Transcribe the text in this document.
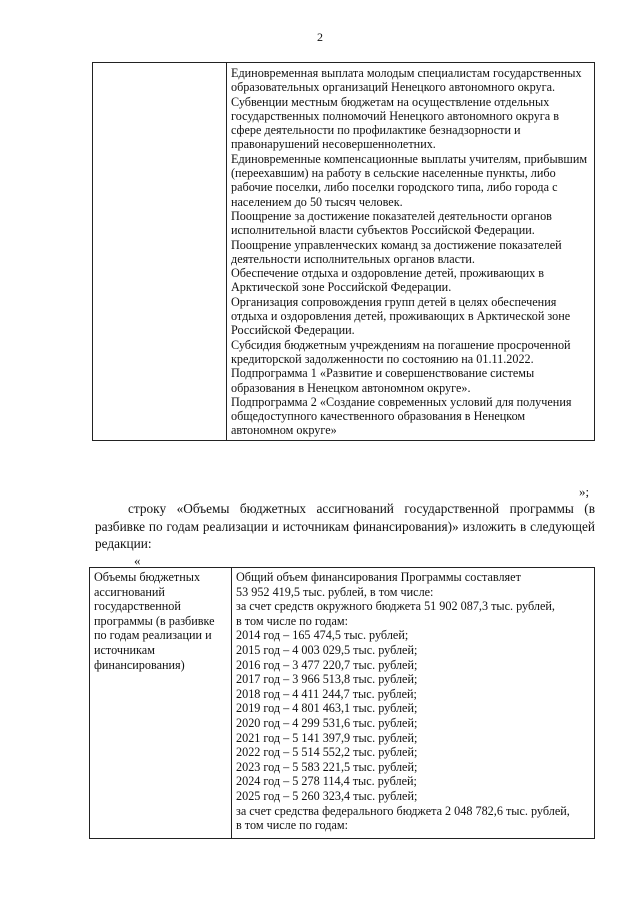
2

Единовременная выплата молодым специалистам государственных образовательных организаций Ненецкого автономного округа.

Субвенции местным бюджетам на осуществление отдельных государственных полномочий Ненецкого автономного округа в сфере деятельности по профилактике безнадзорности и правонарушений несовершеннолетних.

Единовременные компенсационные выплаты учителям, прибывшим (переехавшим) на работу в сельские населенные пункты, либо рабочие поселки, либо поселки городского типа, либо города с населением до 50 тысяч человек.

Поощрение за достижение показателей деятельности органов исполнительной власти субъектов Российской Федерации.

Поощрение управленческих команд за достижение показателей деятельности исполнительных органов власти.

Обеспечение отдыха и оздоровление детей, проживающих в Арктической зоне Российской Федерации.

Организация сопровождения групп детей в целях обеспечения отдыха и оздоровления детей, проживающих в Арктической зоне Российской Федерации.

Субсидия бюджетным учреждениям на погашение просроченной кредиторской задолженности по состоянию на 01.11.2022.

Подпрограмма 1 «Развитие и совершенствование системы образования в Ненецком автономном округе».

Подпрограмма 2 «Создание современных условий для получения общедоступного качественного образования в Ненецком автономном округе»

»;

строку «Объемы бюджетных ассигнований государственной программы (в разбивке по годам реализации и источникам финансирования)» изложить в следующей редакции:

«

Объемы бюджетных ассигнований государственной программы (в разбивке по годам реализации и источникам финансирования)

Общий объем финансирования Программы составляет

53 952 419,5 тыс. рублей, в том числе:

за счет средств окружного бюджета 51 902 087,3 тыс. рублей,

в том числе по годам:

2014 год – 165 474,5 тыс. рублей;

2015 год – 4 003 029,5 тыс. рублей;

2016 год – 3 477 220,7 тыс. рублей;

2017 год – 3 966 513,8 тыс. рублей;

2018 год – 4 411 244,7 тыс. рублей;

2019 год – 4 801 463,1 тыс. рублей;

2020 год – 4 299 531,6 тыс. рублей;

2021 год – 5 141 397,9 тыс. рублей;

2022 год – 5 514 552,2 тыс. рублей;

2023 год – 5 583 221,5 тыс. рублей;

2024 год – 5 278 114,4 тыс. рублей;

2025 год – 5 260 323,4 тыс. рублей;

за счет средства федерального бюджета 2 048 782,6 тыс. рублей,

в том числе по годам:
